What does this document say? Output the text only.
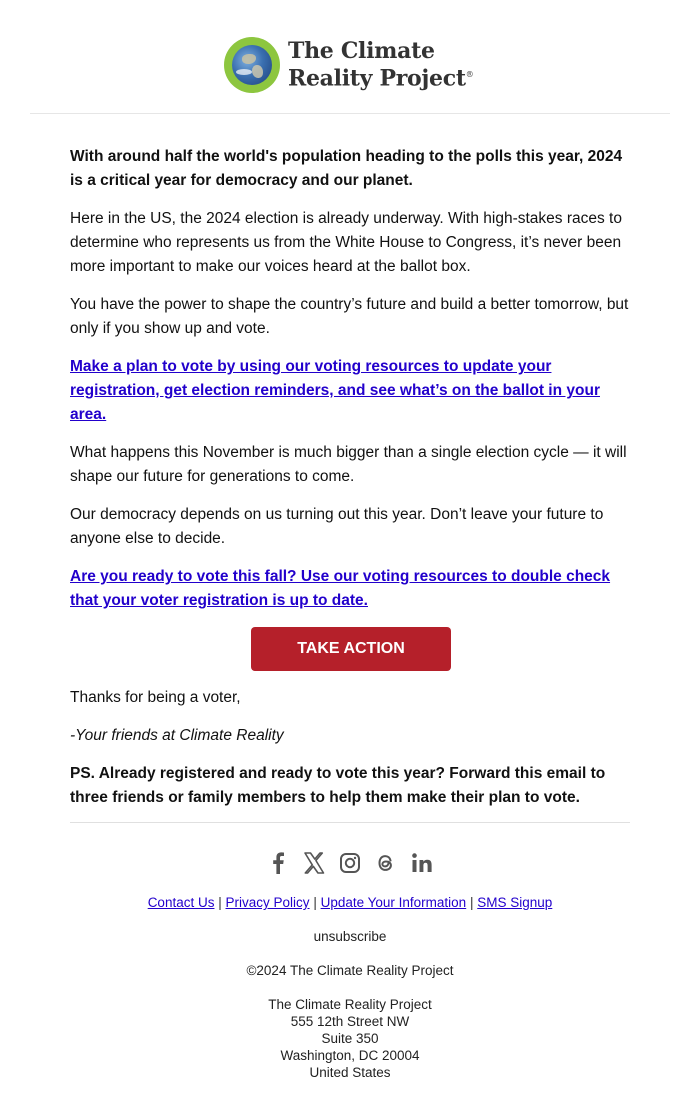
The Climate
Reality Project®

With around half the world's population heading to the polls this year, 2024 is a critical year for democracy and our planet.

Here in the US, the 2024 election is already underway. With high-stakes races to determine who represents us from the White House to Congress, it’s never been more important to make our voices heard at the ballot box.

You have the power to shape the country’s future and build a better tomorrow, but only if you show up and vote.

Make a plan to vote by using our voting resources to update your registration, get election reminders, and see what’s on the ballot in your area.

What happens this November is much bigger than a single election cycle — it will shape our future for generations to come.

Our democracy depends on us turning out this year. Don’t leave your future to anyone else to decide.

Are you ready to vote this fall? Use our voting resources to double check that your voter registration is up to date.

TAKE ACTION

Thanks for being a voter,

-Your friends at Climate Reality

PS. Already registered and ready to vote this year? Forward this email to three friends or family members to help them make their plan to vote.

Contact Us | Privacy Policy | Update Your Information | SMS Signup
unsubscribe
©2024 The Climate Reality Project
The Climate Reality Project
555 12th Street NW
Suite 350
Washington, DC 20004
United States
